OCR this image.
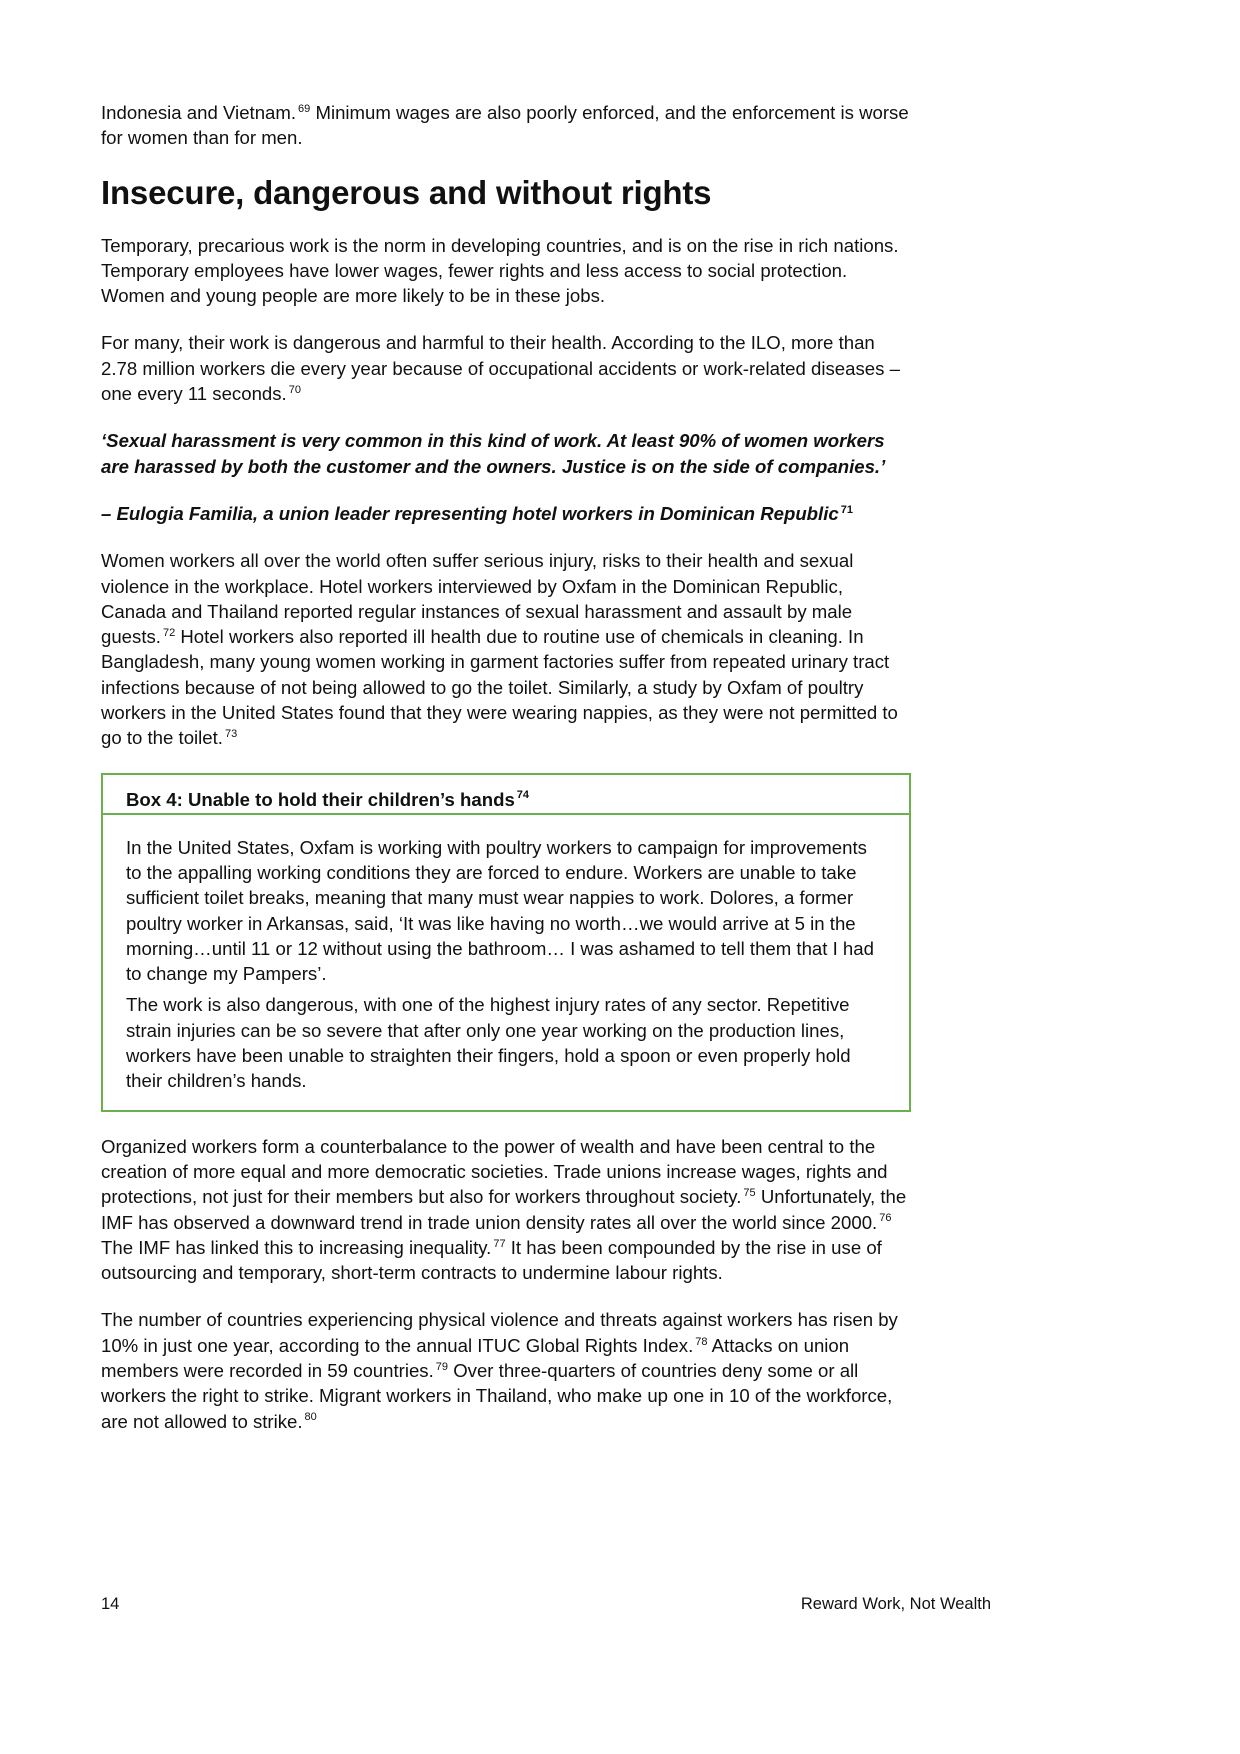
Indonesia and Vietnam. $^{69}$ Minimum wages are also poorly enforced, and the enforcement is worse for women than for men.

Insecure, dangerous and without rights

Temporary, precarious work is the norm in developing countries, and is on the rise in rich nations. Temporary employees have lower wages, fewer rights and less access to social protection. Women and young people are more likely to be in these jobs.

For many, their work is dangerous and harmful to their health. According to the ILO, more than 2.78 million workers die every year because of occupational accidents or work-related diseases – one every 11 seconds. $^{70}$

‘Sexual harassment is very common in this kind of work. At least 90% of women workers are harassed by both the customer and the owners. Justice is on the side of companies.’

– Eulogia Familia, a union leader representing hotel workers in Dominican Republic $^{71}$

Women workers all over the world often suffer serious injury, risks to their health and sexual violence in the workplace. Hotel workers interviewed by Oxfam in the Dominican Republic, Canada and Thailand reported regular instances of sexual harassment and assault by male guests. $^{72}$ Hotel workers also reported ill health due to routine use of chemicals in cleaning. In Bangladesh, many young women working in garment factories suffer from repeated urinary tract infections because of not being allowed to go the toilet. Similarly, a study by Oxfam of poultry workers in the United States found that they were wearing nappies, as they were not permitted to go to the toilet. $^{73}$

Box 4: Unable to hold their children’s hands $^{74}$

In the United States, Oxfam is working with poultry workers to campaign for improvements to the appalling working conditions they are forced to endure. Workers are unable to take sufficient toilet breaks, meaning that many must wear nappies to work. Dolores, a former poultry worker in Arkansas, said, ‘It was like having no worth…we would arrive at 5 in the morning…until 11 or 12 without using the bathroom… I was ashamed to tell them that I had to change my Pampers’.

The work is also dangerous, with one of the highest injury rates of any sector. Repetitive strain injuries can be so severe that after only one year working on the production lines, workers have been unable to straighten their fingers, hold a spoon or even properly hold their children’s hands.

Organized workers form a counterbalance to the power of wealth and have been central to the creation of more equal and more democratic societies. Trade unions increase wages, rights and protections, not just for their members but also for workers throughout society. $^{75}$ Unfortunately, the IMF has observed a downward trend in trade union density rates all over the world since 2000. $^{76}$ The IMF has linked this to increasing inequality. $^{77}$ It has been compounded by the rise in use of outsourcing and temporary, short-term contracts to undermine labour rights.

The number of countries experiencing physical violence and threats against workers has risen by 10% in just one year, according to the annual ITUC Global Rights Index. $^{78}$ Attacks on union members were recorded in 59 countries. $^{79}$ Over three-quarters of countries deny some or all workers the right to strike. Migrant workers in Thailand, who make up one in 10 of the workforce, are not allowed to strike. $^{80}$

14	Reward Work, Not Wealth
